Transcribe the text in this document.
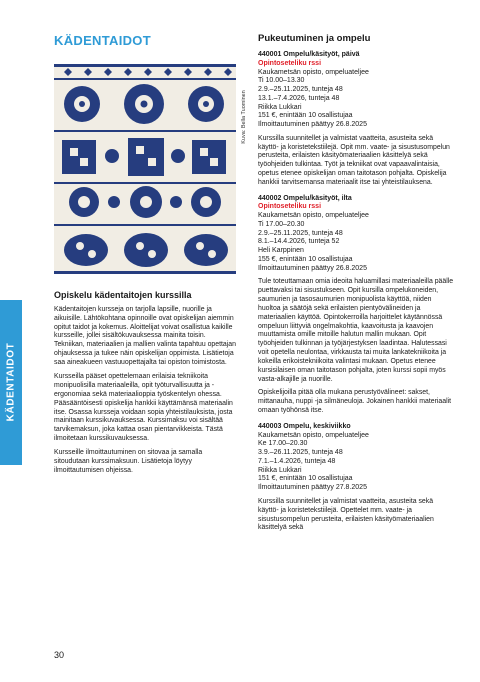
KÄDENTAIDOT
KÄDENTAIDOT
Kuva: Bella Tuominen
Opiskelu kädentaitojen kurssilla

Kädentaitojen kursseja on tarjolla lapsille, nuorille ja aikuisille. Lähtökohtana opinnoille ovat opiskelijan aiemmin opitut taidot ja kokemus. Aloittelijat voivat osallistua kaikille kursseille, jollei sisältökuvauksessa mainita toisin. Tekniikan, materiaalien ja mallien valinta tapahtuu opettajan ohjauksessa ja tukee näin opiskelijan oppimista. Lisätietoja saa aineakueen vastuuopettajalta tai opiston toimistosta.

Kursseilla pääset opettelemaan erilaisia tekniikoita monipuolisilla materiaaleilla, opit työturvallisuutta ja -ergonomiaa sekä materiaalioppia työskentelyn ohessa. Pääsääntöisesti opiskelija hankkii käyttämänsä materiaalin itse. Osassa kursseja voidaan sopia yhteistilauksista, josta mainitaan kurssikuvauksessa. Kurssimaksu voi sisältää tarvikemaksun, joka kattaa osan pientarvikkeista. Tästä ilmoitetaan kurssikuvauksessa.

Kursseille ilmoittautuminen on sitovaa ja samalla sitoudutaan kurssimaksuun. Lisätietoja löytyy ilmoittautumisen ohjeissa.

Pukeutuminen ja ompelu
440001 Ompelu/käsityöt, päivä
Opintoseteliku rssi
Kaukametsän opisto, ompeluateljee
Ti 10.00–13.30
2.9.–25.11.2025, tunteja 48
13.1.–7.4.2026, tunteja 48
Riikka Lukkari
151 €, enintään 10 osallistujaa
Ilmoittautuminen päättyy 26.8.2025

Kurssilla suunnitellet ja valmistat vaatteita, asusteita sekä käyttö- ja koristetekstiilejä. Opit mm. vaate- ja sisustusompelun perusteita, erilaisten käsityömateriaalien käsittelyä sekä työohjeiden tulkintaa. Työt ja tekniikat ovat vapaavalintaisia, opetus etenee opiskelijan oman taitotason pohjalta. Opiskelija hankkii tarvitsemansa materiaalit itse tai yhteistilauksena.

440002 Ompelu/käsityöt, ilta
Opintoseteliku rssi
Kaukametsän opisto, ompeluateljee
Ti 17.00–20.30
2.9.–25.11.2025, tunteja 48
8.1.–14.4.2026, tunteja 52
Heli Karppinen
155 €, enintään 10 osallistujaa
Ilmoittautuminen päättyy 26.8.2025

Tule toteuttamaan omia ideoita haluamillasi materiaaleilla päälle puettavaksi tai sisustukseen. Opit kursilla ompelukoneiden, saumurien ja tasosaumurien monipuolista käyttöä, niiden huoltoa ja säätöjä sekä erilaisten pientyövälineiden ja materiaalien käyttöä. Opintokerroilla harjoittelet käytännössä ompeluun liittyviä ongelmakohtia, kaavoitusta ja kaavojen muuttamista omille mitoille halutun mallin mukaan. Opit työohjeiden tulkinnan ja työjärjestyksen laadintaa. Halutessasi voit opetella neulontaa, virkkausta tai muita lankatekniikoita ja kokeilla erikoistekniikoita valintasi mukaan. Opetus etenee kursisilaisen oman taitotason pohjalta, joten kurssi sopii myös vasta-alkajille ja nuorille.

Opiskelijoilla pitää olla mukana perustyövälineet: sakset, mittanauha, nuppi -ja silmäneuloja. Jokainen hankkii materiaalit omaan työhönsä itse.

440003 Ompelu, keskiviikko
Kaukametsän opisto, ompeluateljee
Ke 17.00–20.30
3.9.–26.11.2025, tunteja 48
7.1.–1.4.2026, tunteja 48
Riikka Lukkari
151 €, enintään 10 osallistujaa
Ilmoittautuminen päättyy 27.8.2025

Kurssilla suunnitellet ja valmistat vaatteita, asusteita sekä käyttö- ja koristetekstiilejä. Opettelet mm. vaate- ja sisustusompelun perusteita, erilaisten käsityömateriaalien käsittelyä sekä

30
